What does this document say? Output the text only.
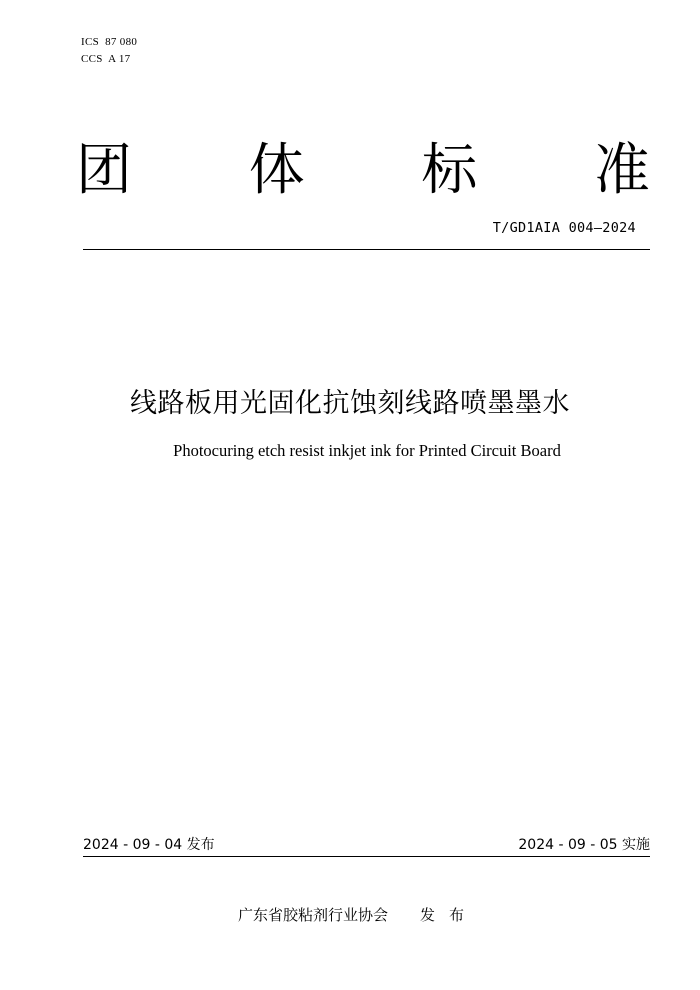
ICS  87 080
CCS  A 17
团 体 标 准
T/GD1AIA 004—2024
线路板用光固化抗蚀刻线路喷墨墨水
Photocuring etch resist inkjet ink for Printed Circuit Board
2024 - 09 - 04 发布	2024 - 09 - 05 实施
广东省胶粘剂行业协会 发布
